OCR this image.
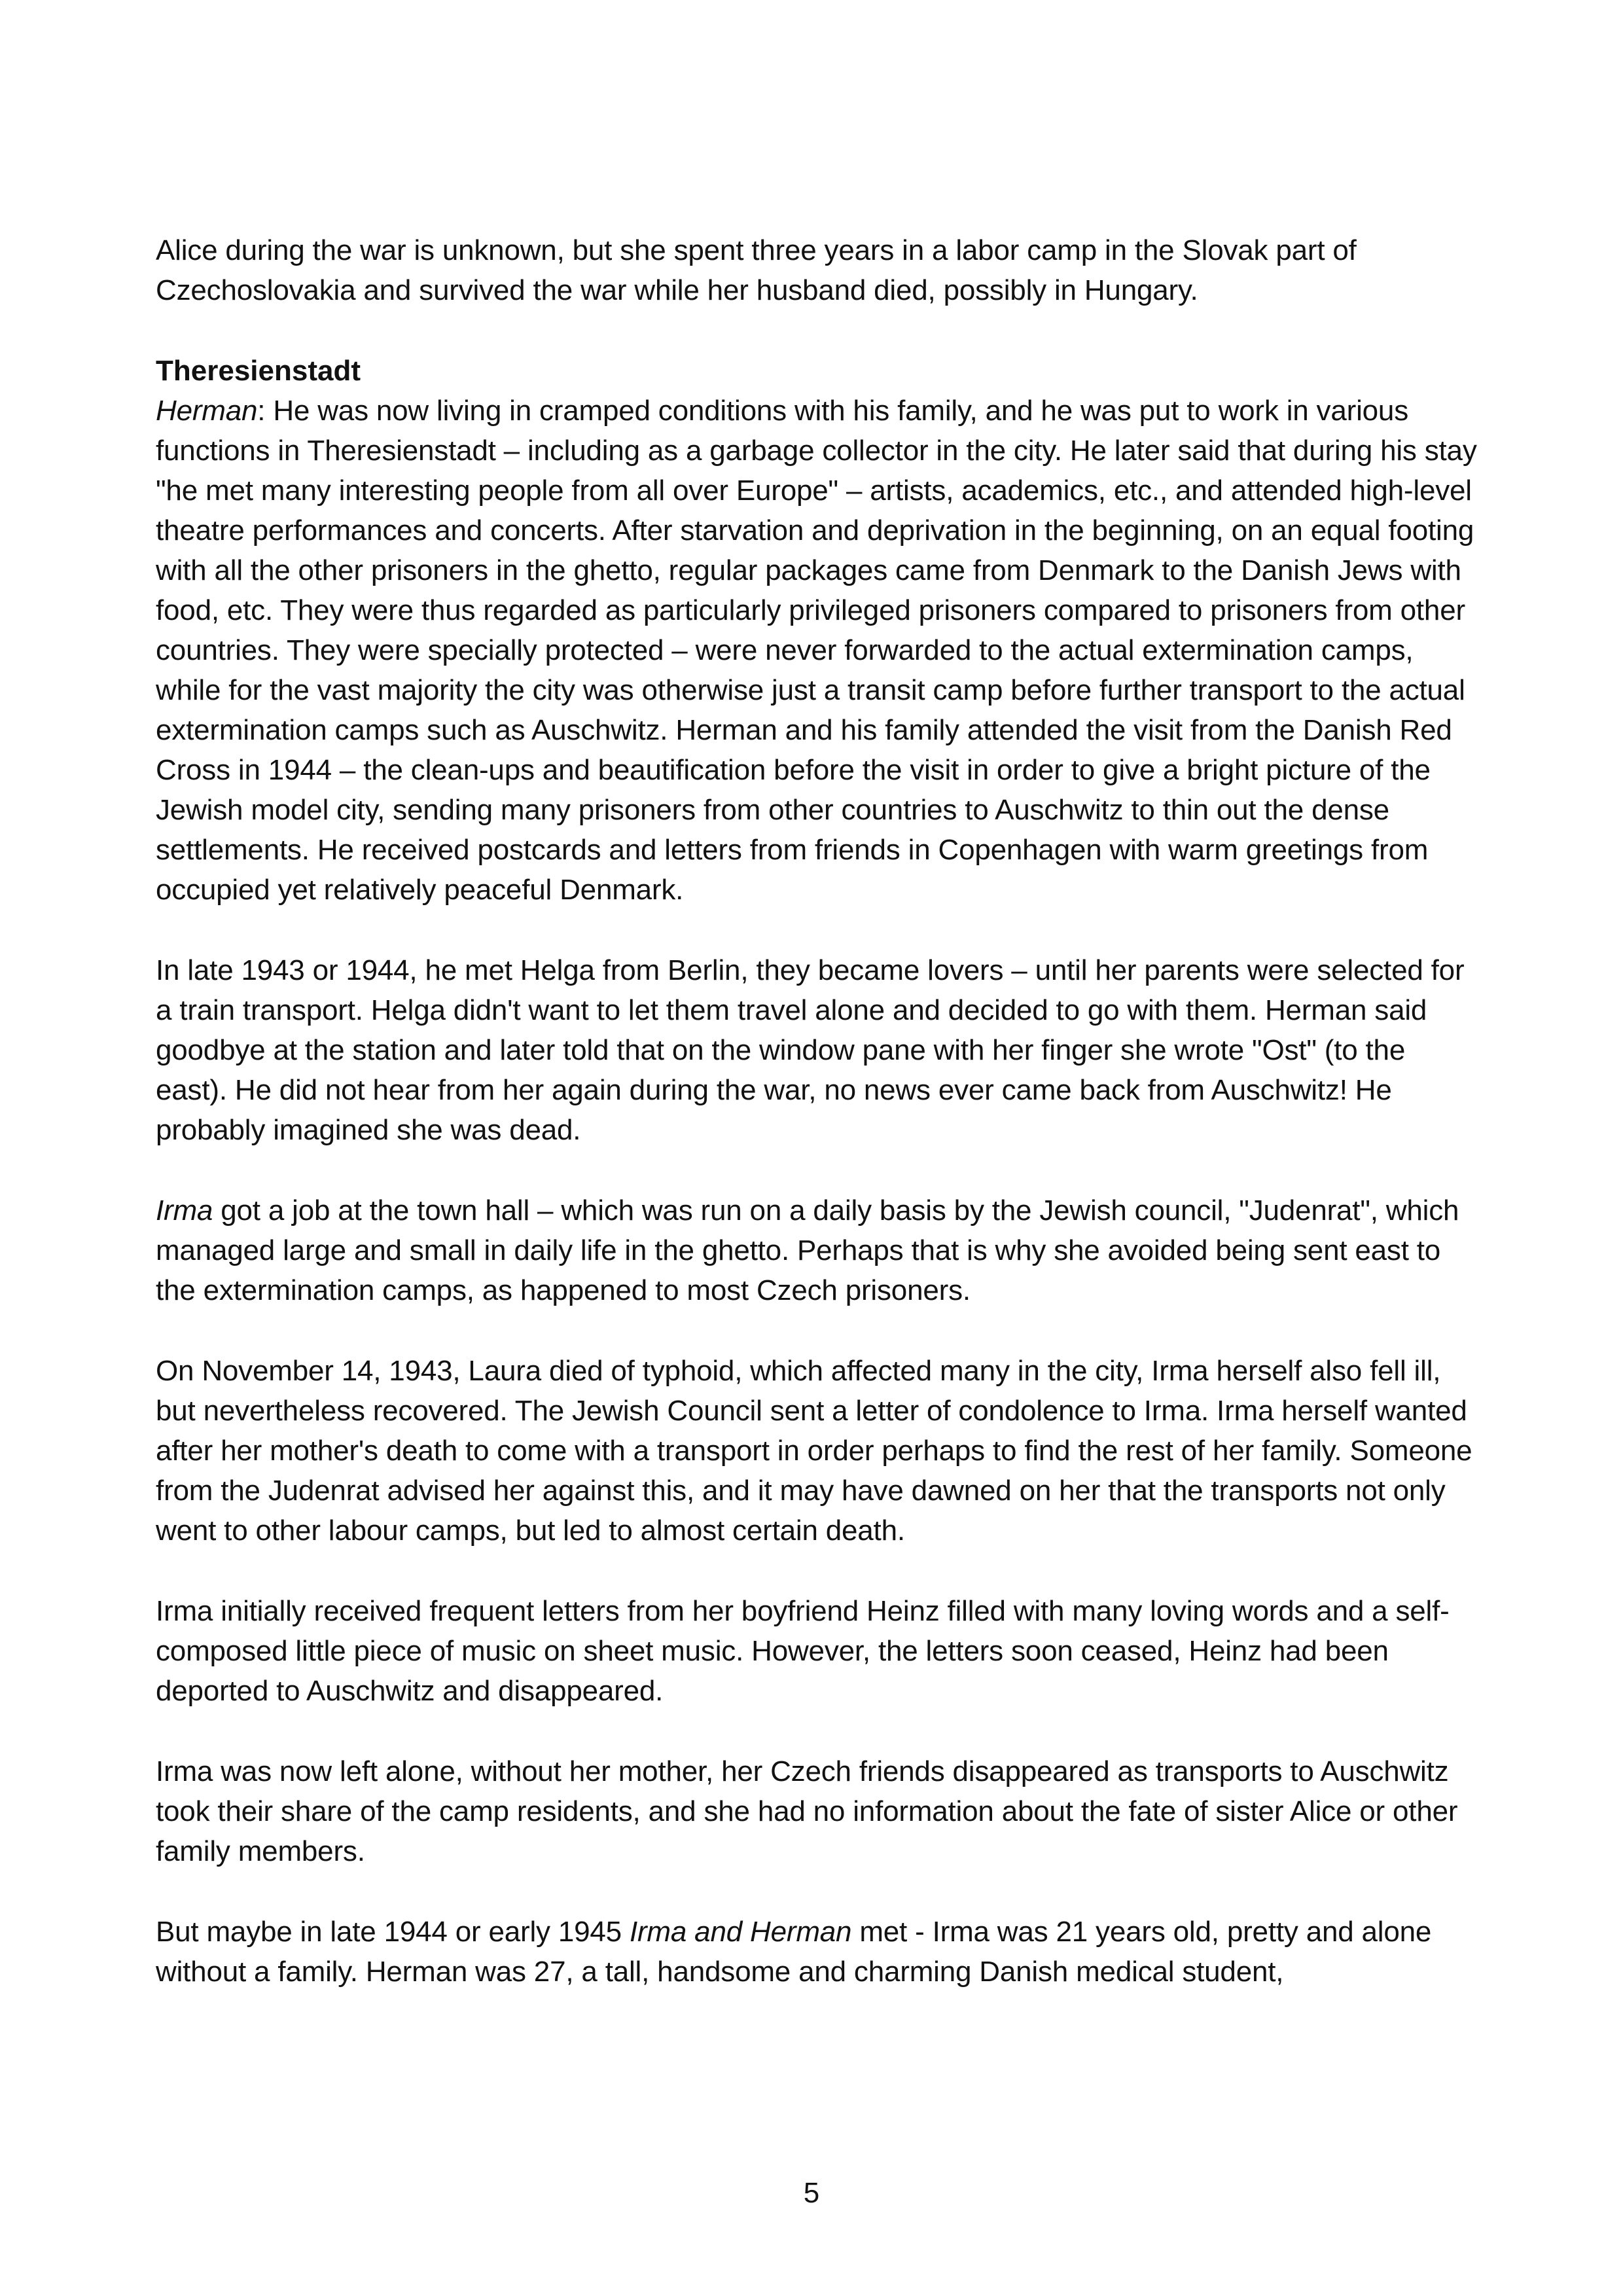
Alice during the war is unknown, but she spent three years in a labor camp in the Slovak part of Czechoslovakia and survived the war while her husband died, possibly in Hungary.

Theresienstadt

Herman: He was now living in cramped conditions with his family, and he was put to work in various functions in Theresienstadt – including as a garbage collector in the city. He later said that during his stay "he met many interesting people from all over Europe" – artists, academics, etc., and attended high-level theatre performances and concerts. After starvation and deprivation in the beginning, on an equal footing with all the other prisoners in the ghetto, regular packages came from Denmark to the Danish Jews with food, etc. They were thus regarded as particularly privileged prisoners compared to prisoners from other countries. They were specially protected – were never forwarded to the actual extermination camps, while for the vast majority the city was otherwise just a transit camp before further transport to the actual extermination camps such as Auschwitz. Herman and his family attended the visit from the Danish Red Cross in 1944 – the clean-ups and beautification before the visit in order to give a bright picture of the Jewish model city, sending many prisoners from other countries to Auschwitz to thin out the dense settlements. He received postcards and letters from friends in Copenhagen with warm greetings from occupied yet relatively peaceful Denmark.

In late 1943 or 1944, he met Helga from Berlin, they became lovers – until her parents were selected for a train transport. Helga didn't want to let them travel alone and decided to go with them. Herman said goodbye at the station and later told that on the window pane with her finger she wrote "Ost" (to the east). He did not hear from her again during the war, no news ever came back from Auschwitz! He probably imagined she was dead.

Irma got a job at the town hall – which was run on a daily basis by the Jewish council, "Judenrat", which managed large and small in daily life in the ghetto. Perhaps that is why she avoided being sent east to the extermination camps, as happened to most Czech prisoners.

On November 14, 1943, Laura died of typhoid, which affected many in the city, Irma herself also fell ill, but nevertheless recovered. The Jewish Council sent a letter of condolence to Irma. Irma herself wanted after her mother's death to come with a transport in order perhaps to find the rest of her family. Someone from the Judenrat advised her against this, and it may have dawned on her that the transports not only went to other labour camps, but led to almost certain death.

Irma initially received frequent letters from her boyfriend Heinz filled with many loving words and a self-composed little piece of music on sheet music. However, the letters soon ceased, Heinz had been deported to Auschwitz and disappeared.

Irma was now left alone, without her mother, her Czech friends disappeared as transports to Auschwitz took their share of the camp residents, and she had no information about the fate of sister Alice or other family members.

But maybe in late 1944 or early 1945 Irma and Herman met - Irma was 21 years old, pretty and alone without a family. Herman was 27, a tall, handsome and charming Danish medical student,

5
